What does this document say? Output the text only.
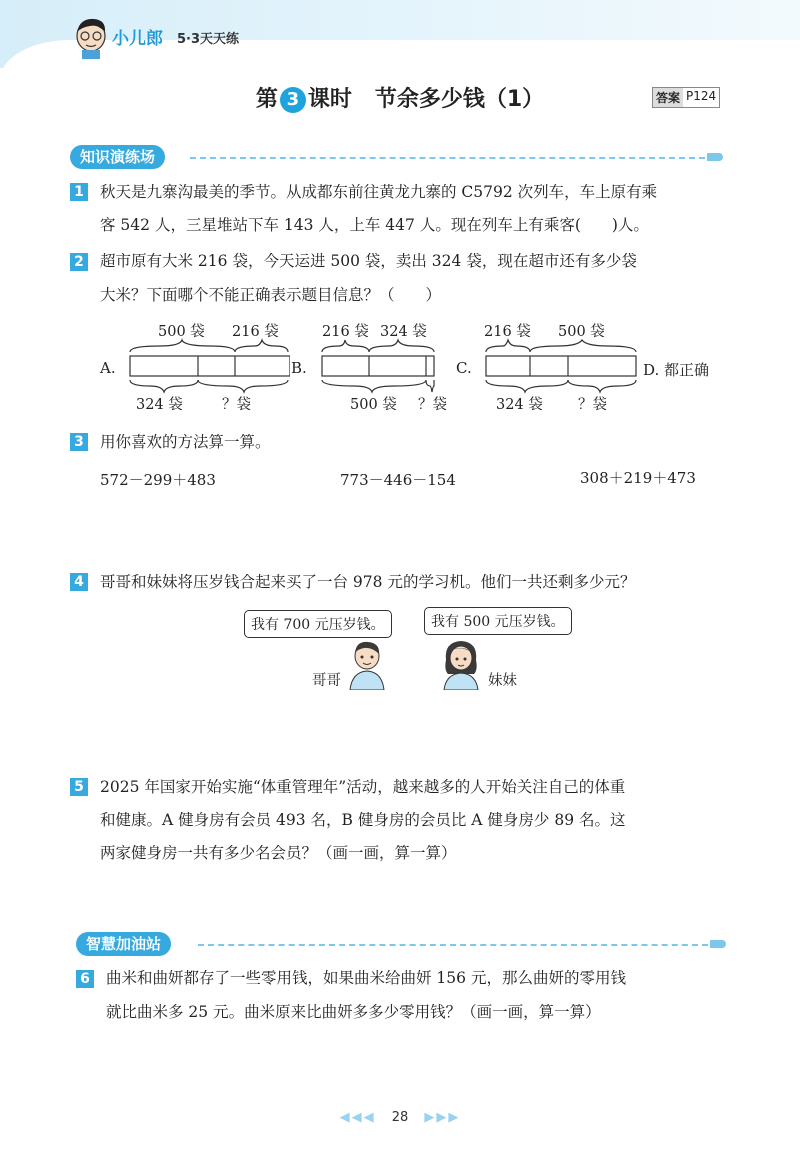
小儿郎 5·3天天练
第 3 课时 节余多少钱（1）	答案 P124
知识演练场
1 秋天是九寨沟最美的季节。从成都东前往黄龙九寨的 C5792 次列车，车上原有乘
客 542 人，三星堆站下车 143 人，上车 447 人。现在列车上有乘客(　　)人。
2 超市原有大米 216 袋，今天运进 500 袋，卖出 324 袋，现在超市还有多少袋
大米？下面哪个不能正确表示题目信息？（　　）
A.
500 袋 216 袋
324 袋	？袋
B.
216 袋 324 袋
500 袋 ？袋
C.
216 袋 500 袋
324 袋 ？袋
D. 都正确
3 用你喜欢的方法算一算。
572－299＋483	773－446－154	308＋219＋473
4 哥哥和妹妹将压岁钱合起来买了一台 978 元的学习机。他们一共还剩多少元？
我有 700 元压岁钱。	我有 500 元压岁钱。
哥哥	妹妹
5 2025 年国家开始实施“体重管理年”活动，越来越多的人开始关注自己的体重
和健康。A 健身房有会员 493 名，B 健身房的会员比 A 健身房少 89 名。这
两家健身房一共有多少名会员？（画一画，算一算）
智慧加油站
6 曲米和曲妍都存了一些零用钱，如果曲米给曲妍 156 元，那么曲妍的零用钱
就比曲米多 25 元。曲米原来比曲妍多多少零用钱？（画一画，算一算）
◀◀◀ 28 ▶▶▶
